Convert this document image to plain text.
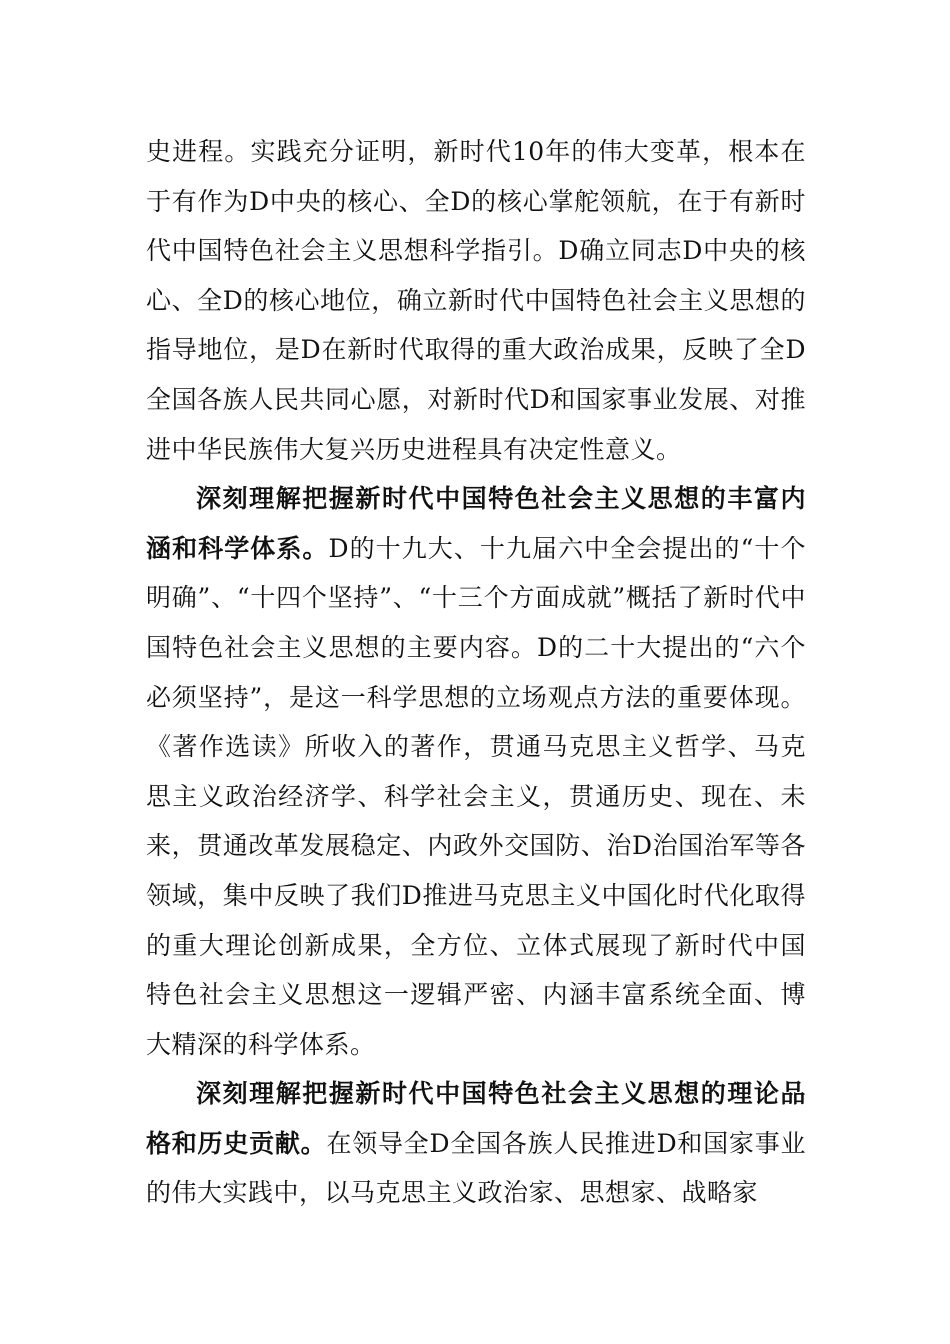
史进程。实践充分证明，新时代10年的伟大变革，根本在于有作为D中央的核心、全D的核心掌舵领航，在于有新时代中国特色社会主义思想科学指引。D确立同志D中央的核心、全D的核心地位，确立新时代中国特色社会主义思想的指导地位，是D在新时代取得的重大政治成果，反映了全D全国各族人民共同心愿，对新时代D和国家事业发展、对推进中华民族伟大复兴历史进程具有决定性意义。

深刻理解把握新时代中国特色社会主义思想的丰富内涵和科学体系。D的十九大、十九届六中全会提出的“十个明确”、“十四个坚持”、“十三个方面成就”概括了新时代中国特色社会主义思想的主要内容。D的二十大提出的“六个必须坚持”，是这一科学思想的立场观点方法的重要体现。《著作选读》所收入的著作，贯通马克思主义哲学、马克思主义政治经济学、科学社会主义，贯通历史、现在、未来，贯通改革发展稳定、内政外交国防、治D治国治军等各领域，集中反映了我们D推进马克思主义中国化时代化取得的重大理论创新成果，全方位、立体式展现了新时代中国特色社会主义思想这一逻辑严密、内涵丰富系统全面、博大精深的科学体系。

深刻理解把握新时代中国特色社会主义思想的理论品格和历史贡献。在领导全D全国各族人民推进D和国家事业的伟大实践中，以马克思主义政治家、思想家、战略家
